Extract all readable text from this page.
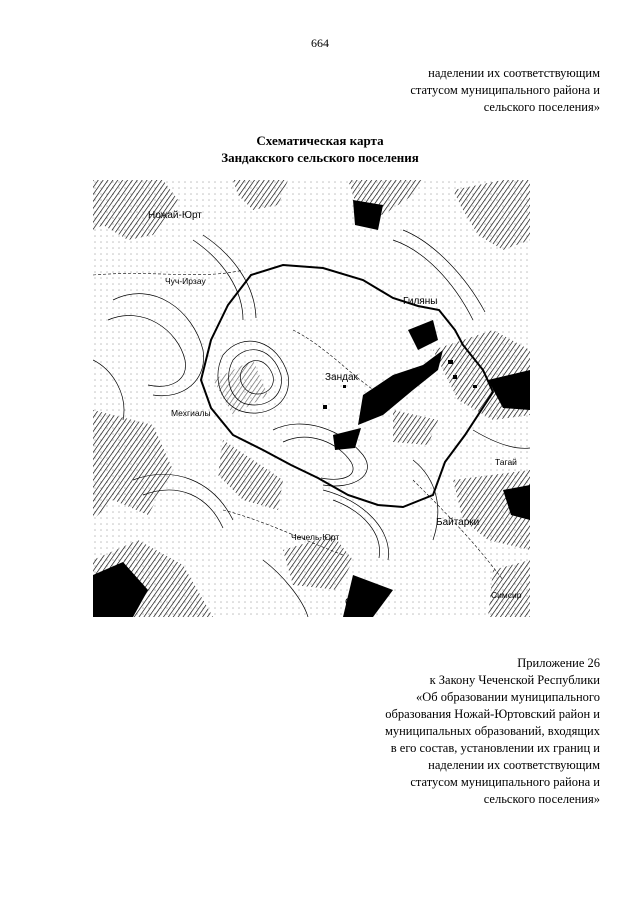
664
наделении их соответствующим
статусом муниципального района и
сельского поселения»
Схематическая карта
Зандакского сельского поселения
Ножай-Юрт
Чуч-Ирзау
Гиляны
Зандак
Мехгиалы
Тагай
Байтарки
Чечель-Юрт
Симсир
Си
Приложение 26
к Закону Чеченской Республики
«Об образовании муниципального
образования Ножай-Юртовский район и
муниципальных образований, входящих
в его состав, установлении их границ и
наделении их соответствующим
статусом муниципального района и
сельского поселения»
